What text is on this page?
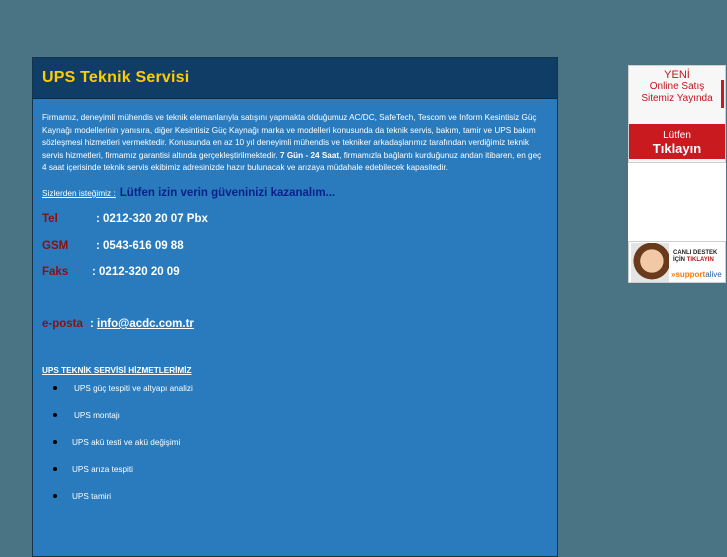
UPS Teknik Servisi

Firmamız, deneyimli mühendis ve teknik elemanlarıyla satışını yapmakta olduğumuz AC/DC, SafeTech, Tescom ve Inform Kesintisiz Güç Kaynağı modellerinin yanısıra, diğer Kesintisiz Güç Kaynağı marka ve modelleri konusunda da teknik servis, bakım, tamir ve UPS bakım sözleşmesi hizmetleri vermektedir. Konusunda en az 10 yıl deneyimli mühendis ve tekniker arkadaşlarımız tarafından verdiğimiz teknik servis hizmetleri, firmamız garantisi altında gerçekleştirilmektedir. 7 Gün - 24 Saat, firmamızla bağlantı kurduğunuz andan itibaren, en geç 4 saat içerisinde teknik servis ekibimiz adresinizde hazır bulunacak ve arızaya müdahale edebilecek kapasitedir.

Sizlerden isteğimiz : Lütfen izin verin güveninizi kazanalım...
Tel	: 0212-320 20 07 Pbx
GSM	: 0543-616 09 88
Faks	: 0212-320 20 09
e-posta : info@acdc.com.tr
UPS TEKNİK SERVİSİ HİZMETLERİMİZ
UPS güç tespiti ve altyapı analizi
UPS montajı
UPS akü testi ve akü değişimi
UPS arıza tespiti
UPS tamiri
YENİ
Online Satış
Sitemiz Yayında
Lütfen
Tıklayın
CANLI DESTEK
İÇİN TIKLAYIN
»supportalive
